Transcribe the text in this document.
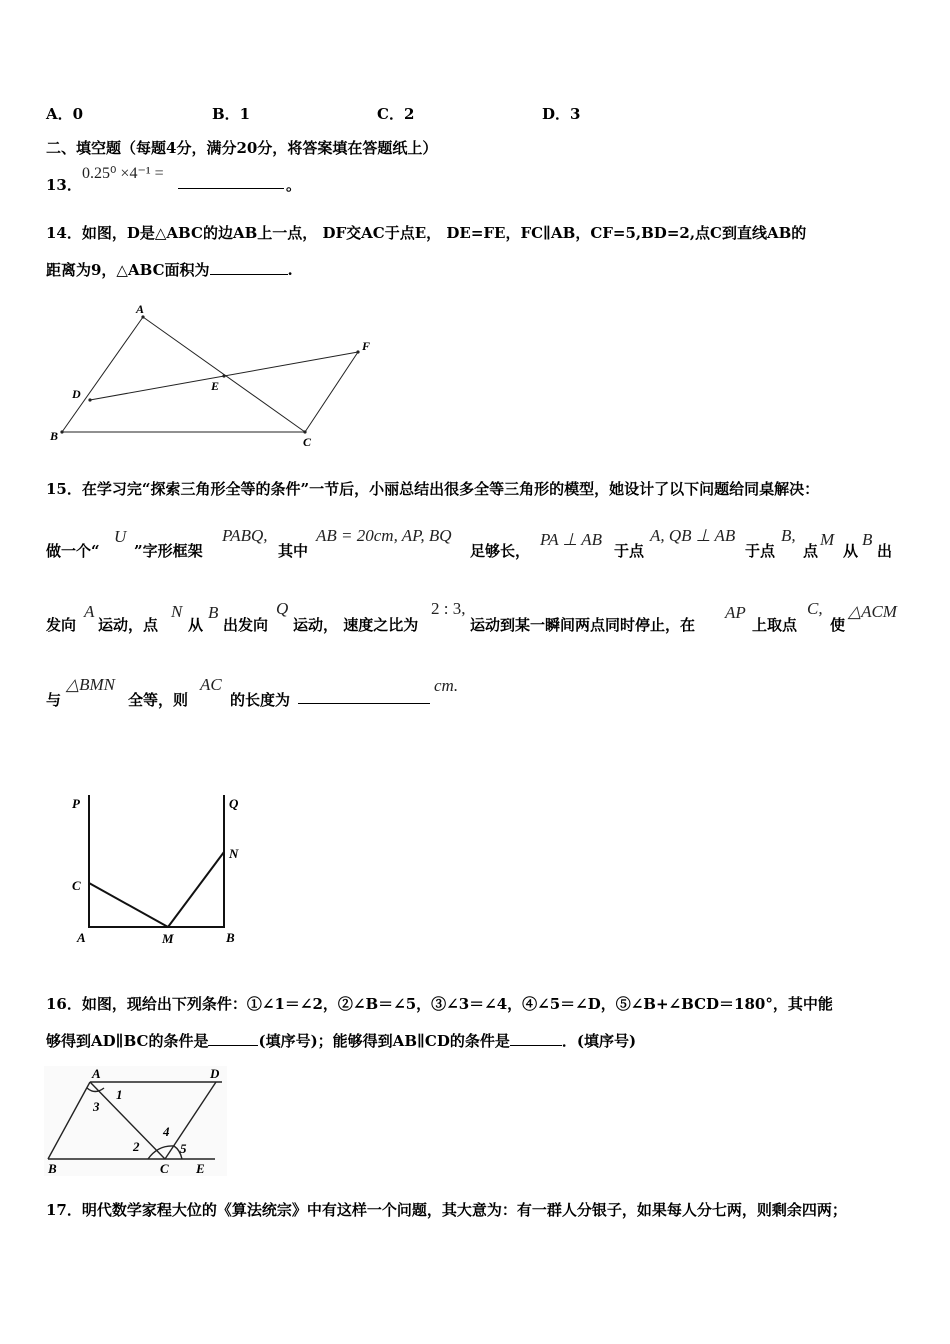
A．0	B．1	C．2	D．3
二、填空题（每题4分，满分20分，将答案填在答题纸上）
13．
0.25⁰ ×4⁻¹ =
。
14．如图，D是△ABC的边AB上一点， DF交AC于点E， DE=FE，FC∥AB，CF=5,BD=2,点C到直线AB的
距离为9，△ABC面积为	.
A
B	C
D
E
F
15．在学习完“探索三角形全等的条件”一节后，小丽总结出很多全等三角形的模型，她设计了以下问题给同桌解决：
做一个“
U
”字形框架
PABQ,
其中
AB = 20cm, AP, BQ
足够长，
PA ⊥ AB
于点
A, QB ⊥ AB
于点
B,
点
M
从
B
出
发向
A
运动，点
N
从
B
出发向
Q
运动， 速度之比为
2 : 3,
运动到某一瞬间两点同时停止，在
AP
上取点
C,
使
△ACM
与
△BMN
全等，则
AC
的长度为
cm.
P	Q
N
C
A	M	B
16．如图，现给出下列条件：①∠1＝∠2，②∠B＝∠5，③∠3＝∠4，④∠5＝∠D，⑤∠B+∠BCD＝180°，其中能
够得到AD∥BC的条件是	(填序号)；能够得到AB∥CD的条件是	．(填序号)
A	D
B	C E
1
2
3
4
5
17．明代数学家程大位的《算法统宗》中有这样一个问题，其大意为：有一群人分银子，如果每人分七两，则剩余四两；
